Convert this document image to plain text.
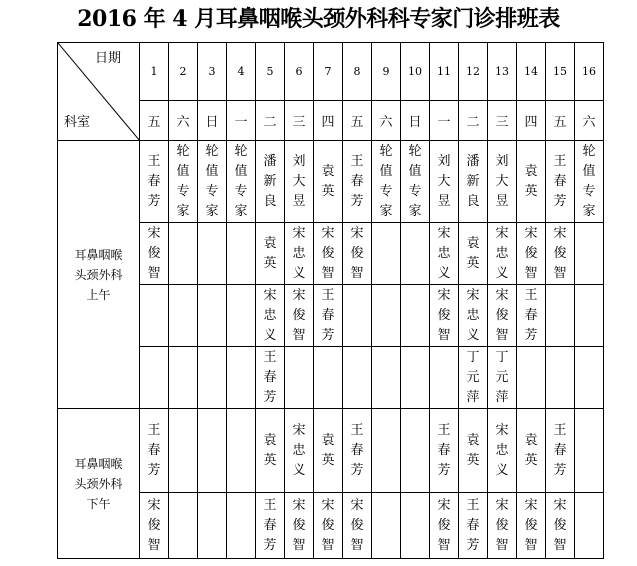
2016 年 4 月耳鼻咽喉头颈外科科专家门诊排班表
日期
科室	1	2	3	4	5	6	7	8	9	10	11	12	13	14	15	16
	五	六	日	一	二	三	四	五	六	日	一	二	三	四	五	六

耳鼻咽喉
头颈外科
上午	王
春
芳	轮
值
专
家	轮
值
专
家	轮
值
专
家	潘
新
良	刘
大
昱	袁
英	王
春
芳	轮
值
专
家	轮
值
专
家	刘
大
昱	潘
新
良	刘
大
昱	袁
英	王
春
芳	轮
值
专
家

	宋
俊
智				袁
英	宋
忠
义	宋
俊
智	宋
俊
智			宋
忠
义	袁
英	宋
忠
义	宋
俊
智	宋
俊
智	

					宋
忠
义	宋
俊
智	王
春
芳				宋
俊
智	宋
忠
义	宋
俊
智	王
春
芳		

					王
春
芳							丁
元
萍	丁
元
萍			

耳鼻咽喉
头颈外科
下午	王
春
芳				袁
英	宋
忠
义	袁
英	王
春
芳			王
春
芳	袁
英	宋
忠
义	袁
英	王
春
芳	

	宋
俊
智				王
春
芳	宋
俊
智	宋
俊
智	宋
俊
智			宋
俊
智	王
春
芳	宋
俊
智	宋
俊
智	宋
俊
智	
